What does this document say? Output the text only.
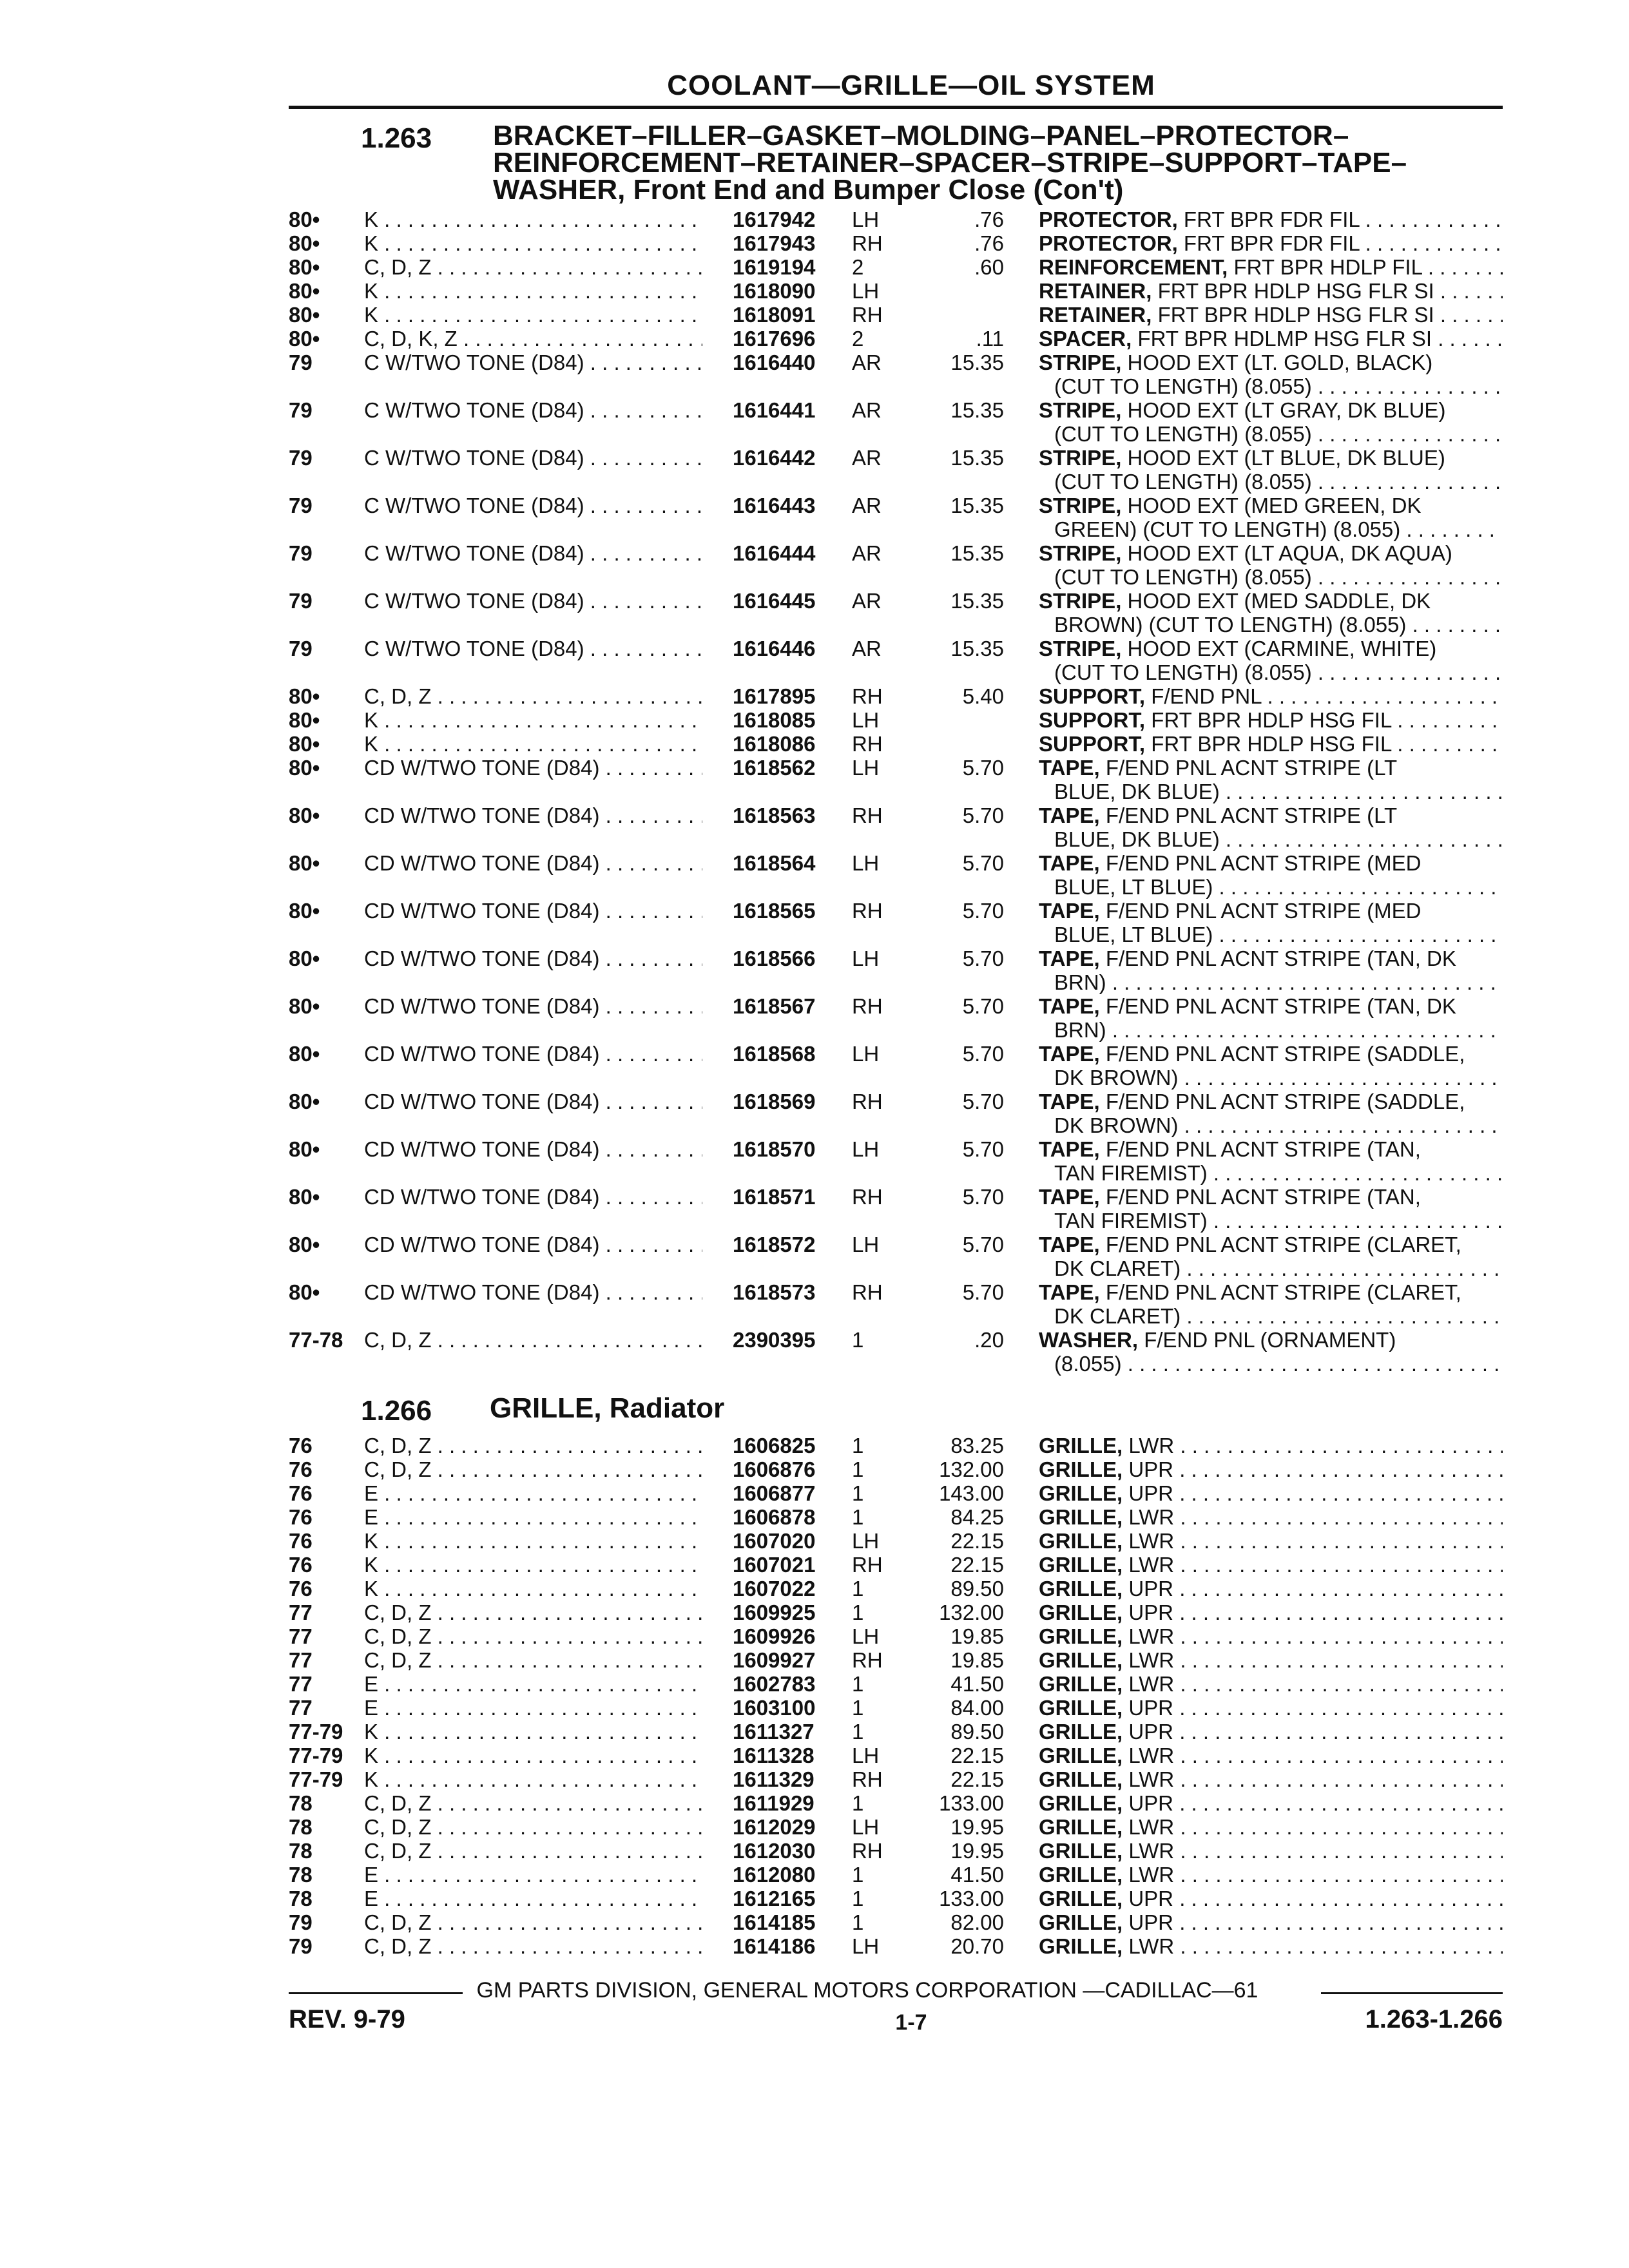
COOLANT—GRILLE—OIL SYSTEM
1.263 BRACKET–FILLER–GASKET–MOLDING–PANEL–PROTECTOR–
REINFORCEMENT–RETAINER–SPACER–STRIPE–SUPPORT–TAPE–
WASHER, Front End and Bumper Close (Con't)
80• K . . .	1617942 LH	.76 PROTECTOR, FRT BPR FDR FIL . . .
80• K . . .	1617943 RH	.76 PROTECTOR, FRT BPR FDR FIL . . .
80• C, D, Z . . .	1619194 2	.60 REINFORCEMENT, FRT BPR HDLP FIL . . .
80• K . . .	1618090 LH	RETAINER, FRT BPR HDLP HSG FLR SI . . .
80• K . . .	1618091 RH	RETAINER, FRT BPR HDLP HSG FLR SI . . .
80• C, D, K, Z . . .	1617696 2	.11 SPACER, FRT BPR HDLMP HSG FLR SI . . .
79 C W/TWO TONE (D84) . . .	1616440 AR	15.35 STRIPE, HOOD EXT (LT. GOLD, BLACK)
(CUT TO LENGTH) (8.055) . . .
79 C W/TWO TONE (D84) . . .	1616441 AR	15.35 STRIPE, HOOD EXT (LT GRAY, DK BLUE)
(CUT TO LENGTH) (8.055) . . .
79 C W/TWO TONE (D84) . . .	1616442 AR	15.35 STRIPE, HOOD EXT (LT BLUE, DK BLUE)
(CUT TO LENGTH) (8.055) . . .
79 C W/TWO TONE (D84) . . .	1616443 AR	15.35 STRIPE, HOOD EXT (MED GREEN, DK
GREEN) (CUT TO LENGTH) (8.055) . . .
79 C W/TWO TONE (D84) . . .	1616444 AR	15.35 STRIPE, HOOD EXT (LT AQUA, DK AQUA)
(CUT TO LENGTH) (8.055) . . .
79 C W/TWO TONE (D84) . . .	1616445 AR	15.35 STRIPE, HOOD EXT (MED SADDLE, DK
BROWN) (CUT TO LENGTH) (8.055) . . .
79 C W/TWO TONE (D84) . . .	1616446 AR	15.35 STRIPE, HOOD EXT (CARMINE, WHITE)
(CUT TO LENGTH) (8.055) . . .
80• C, D, Z . . .	1617895 RH	5.40 SUPPORT, F/END PNL . . .
80• K . . .	1618085 LH	SUPPORT, FRT BPR HDLP HSG FIL . . .
80• K . . .	1618086 RH	SUPPORT, FRT BPR HDLP HSG FIL . . .
80• CD W/TWO TONE (D84) . . .	1618562 LH	5.70 TAPE, F/END PNL ACNT STRIPE (LT
BLUE, DK BLUE) . . .
80• CD W/TWO TONE (D84) . . .	1618563 RH	5.70 TAPE, F/END PNL ACNT STRIPE (LT
BLUE, DK BLUE) . . .
80• CD W/TWO TONE (D84) . . .	1618564 LH	5.70 TAPE, F/END PNL ACNT STRIPE (MED
BLUE, LT BLUE) . . .
80• CD W/TWO TONE (D84) . . .	1618565 RH	5.70 TAPE, F/END PNL ACNT STRIPE (MED
BLUE, LT BLUE) . . .
80• CD W/TWO TONE (D84) . . .	1618566 LH	5.70 TAPE, F/END PNL ACNT STRIPE (TAN, DK
BRN) . . .
80• CD W/TWO TONE (D84) . . .	1618567 RH	5.70 TAPE, F/END PNL ACNT STRIPE (TAN, DK
BRN) . . .
80• CD W/TWO TONE (D84) . . .	1618568 LH	5.70 TAPE, F/END PNL ACNT STRIPE (SADDLE,
DK BROWN) . . .
80• CD W/TWO TONE (D84) . . .	1618569 RH	5.70 TAPE, F/END PNL ACNT STRIPE (SADDLE,
DK BROWN) . . .
80• CD W/TWO TONE (D84) . . .	1618570 LH	5.70 TAPE, F/END PNL ACNT STRIPE (TAN,
TAN FIREMIST) . . .
80• CD W/TWO TONE (D84) . . .	1618571 RH	5.70 TAPE, F/END PNL ACNT STRIPE (TAN,
TAN FIREMIST) . . .
80• CD W/TWO TONE (D84) . . .	1618572 LH	5.70 TAPE, F/END PNL ACNT STRIPE (CLARET,
DK CLARET) . . .
80• CD W/TWO TONE (D84) . . .	1618573 RH	5.70 TAPE, F/END PNL ACNT STRIPE (CLARET,
DK CLARET) . . .
77-78 C, D, Z . . .	2390395 1	.20 WASHER, F/END PNL (ORNAMENT)
(8.055) . . .
1.266 GRILLE, Radiator
76 C, D, Z . . .	1606825 1	83.25 GRILLE, LWR . . .
76 C, D, Z . . .	1606876 1	132.00 GRILLE, UPR . . .
76 E . . .	1606877 1	143.00 GRILLE, UPR . . .
76 E . . .	1606878 1	84.25 GRILLE, LWR . . .
76 K . . .	1607020 LH	22.15 GRILLE, LWR . . .
76 K . . .	1607021 RH	22.15 GRILLE, LWR . . .
76 K . . .	1607022 1	89.50 GRILLE, UPR . . .
77 C, D, Z . . .	1609925 1	132.00 GRILLE, UPR . . .
77 C, D, Z . . .	1609926 LH	19.85 GRILLE, LWR . . .
77 C, D, Z . . .	1609927 RH	19.85 GRILLE, LWR . . .
77 E . . .	1602783 1	41.50 GRILLE, LWR . . .
77 E . . .	1603100 1	84.00 GRILLE, UPR . . .
77-79 K . . .	1611327 1	89.50 GRILLE, UPR . . .
77-79 K . . .	1611328 LH	22.15 GRILLE, LWR . . .
77-79 K . . .	1611329 RH	22.15 GRILLE, LWR . . .
78 C, D, Z . . .	1611929 1	133.00 GRILLE, UPR . . .
78 C, D, Z . . .	1612029 LH	19.95 GRILLE, LWR . . .
78 C, D, Z . . .	1612030 RH	19.95 GRILLE, LWR . . .
78 E . . .	1612080 1	41.50 GRILLE, LWR . . .
78 E . . .	1612165 1	133.00 GRILLE, UPR . . .
79 C, D, Z . . .	1614185 1	82.00 GRILLE, UPR . . .
79 C, D, Z . . .	1614186 LH	20.70 GRILLE, LWR . . .
GM PARTS DIVISION, GENERAL MOTORS CORPORATION —CADILLAC—61
REV. 9-79	1-7	1.263-1.266
